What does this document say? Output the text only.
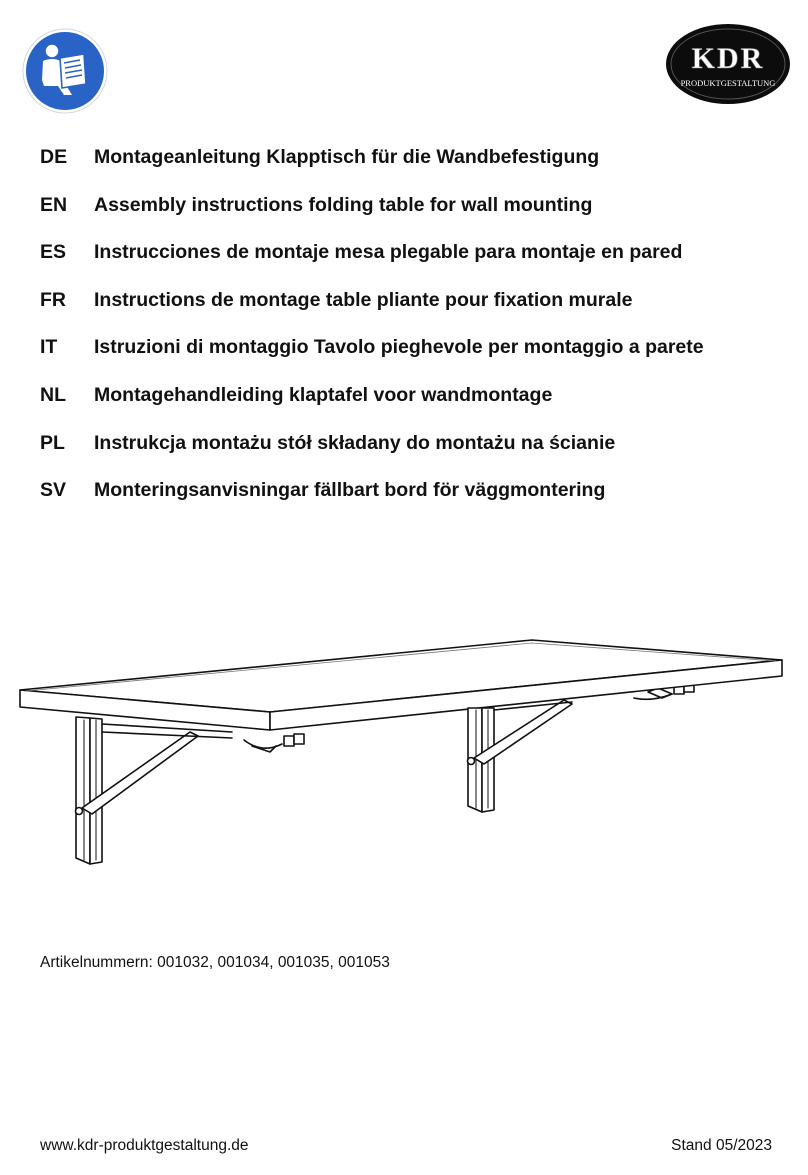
KDR
PRODUKTGESTALTUNG
DE	Montageanleitung Klapptisch für die Wandbefestigung
EN	Assembly instructions folding table for wall mounting
ES	Instrucciones de montaje mesa plegable para montaje en pared
FR	Instructions de montage table pliante pour fixation murale
IT	Istruzioni di montaggio Tavolo pieghevole per montaggio a parete
NL	Montagehandleiding klaptafel voor wandmontage
PL	Instrukcja montażu stół składany do montażu na ścianie
SV	Monteringsanvisningar fällbart bord för väggmontering
Artikelnummern: 001032, 001034, 001035, 001053
www.kdr-produktgestaltung.de	Stand 05/2023
